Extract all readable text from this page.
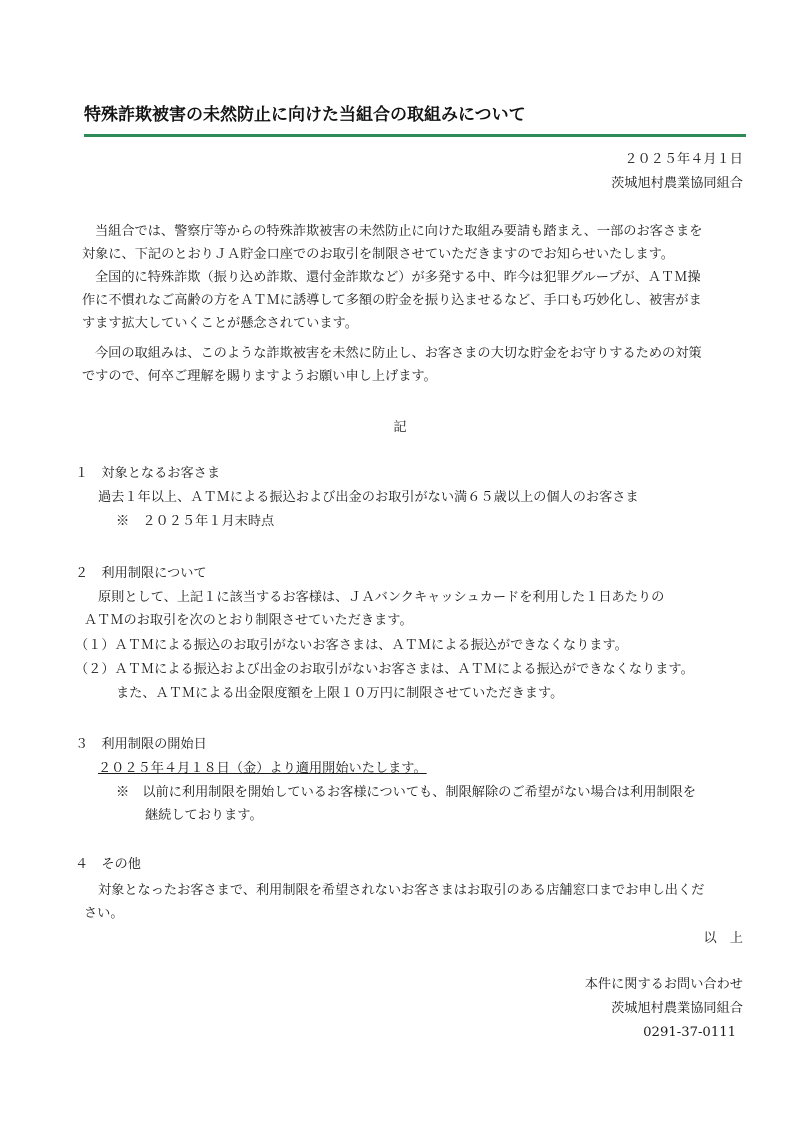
特殊詐欺被害の未然防止に向けた当組合の取組みについて
２０２５年４月１日
茨城旭村農業協同組合
当組合では、警察庁等からの特殊詐欺被害の未然防止に向けた取組み要請も踏まえ、一部のお客さまを
対象に、下記のとおりＪＡ貯金口座でのお取引を制限させていただきますのでお知らせいたします。
全国的に特殊詐欺（振り込め詐欺、還付金詐欺など）が多発する中、昨今は犯罪グループが、ＡＴＭ操
作に不慣れなご高齢の方をＡＴＭに誘導して多額の貯金を振り込ませるなど、手口も巧妙化し、被害がま
すます拡大していくことが懸念されています。
今回の取組みは、このような詐欺被害を未然に防止し、お客さまの大切な貯金をお守りするための対策
ですので、何卒ご理解を賜りますようお願い申し上げます。
記
１　対象となるお客さま
過去１年以上、ＡＴＭによる振込および出金のお取引がない満６５歳以上の個人のお客さま
※　２０２５年１月末時点
２　利用制限について
原則として、上記１に該当するお客様は、ＪＡバンクキャッシュカードを利用した１日あたりの
ＡＴＭのお取引を次のとおり制限させていただきます。
（１）ＡＴＭによる振込のお取引がないお客さまは、ＡＴＭによる振込ができなくなります。
（２）ＡＴＭによる振込および出金のお取引がないお客さまは、ＡＴＭによる振込ができなくなります。
また、ＡＴＭによる出金限度額を上限１０万円に制限させていただきます。
３　利用制限の開始日
２０２５年４月１８日（金）より適用開始いたします。
※　以前に利用制限を開始しているお客様についても、制限解除のご希望がない場合は利用制限を
継続しております。
４　その他
対象となったお客さまで、利用制限を希望されないお客さまはお取引のある店舗窓口までお申し出くだ
さい。
以　上
本件に関するお問い合わせ
茨城旭村農業協同組合
0291-37-0111
